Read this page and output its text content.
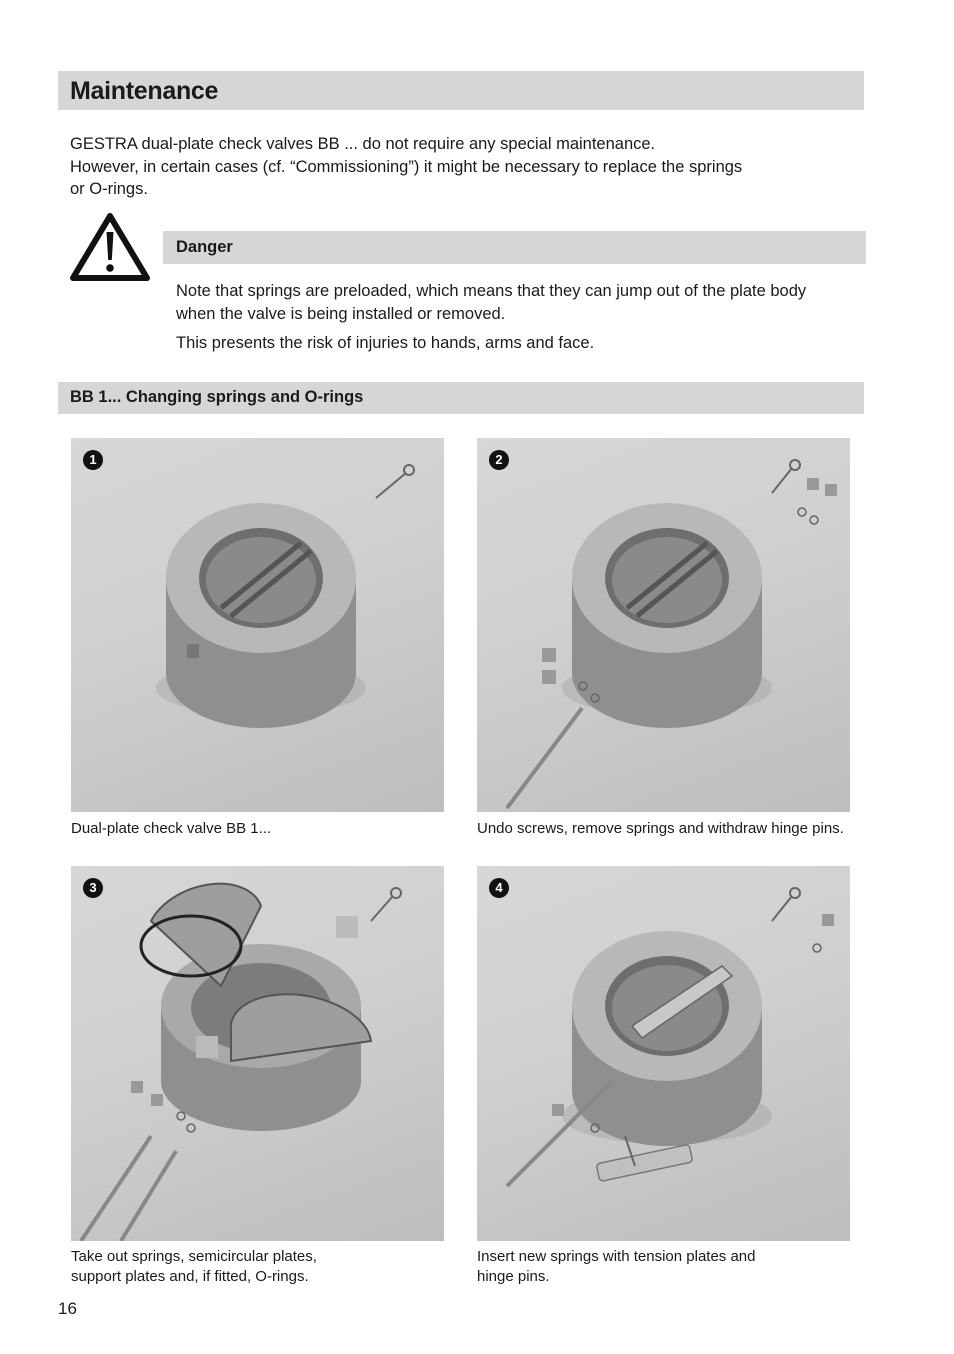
Maintenance

GESTRA dual-plate check valves BB ... do not require any special maintenance.

However, in certain cases (cf. “Commissioning”) it might be necessary to replace the springs

or O-rings.

Danger

Note that springs are preloaded, which means that they can jump out of the plate body
when the valve is being installed or removed.

This presents the risk of injuries to hands, arms and face.

BB 1... Changing springs and O-rings
1
Dual-plate check valve BB 1...
2
Undo screws, remove springs and withdraw hinge pins.
3
Take out springs, semicircular plates,
support plates and, if fitted, O-rings.
4
Insert new springs with tension plates and
hinge pins.
16
